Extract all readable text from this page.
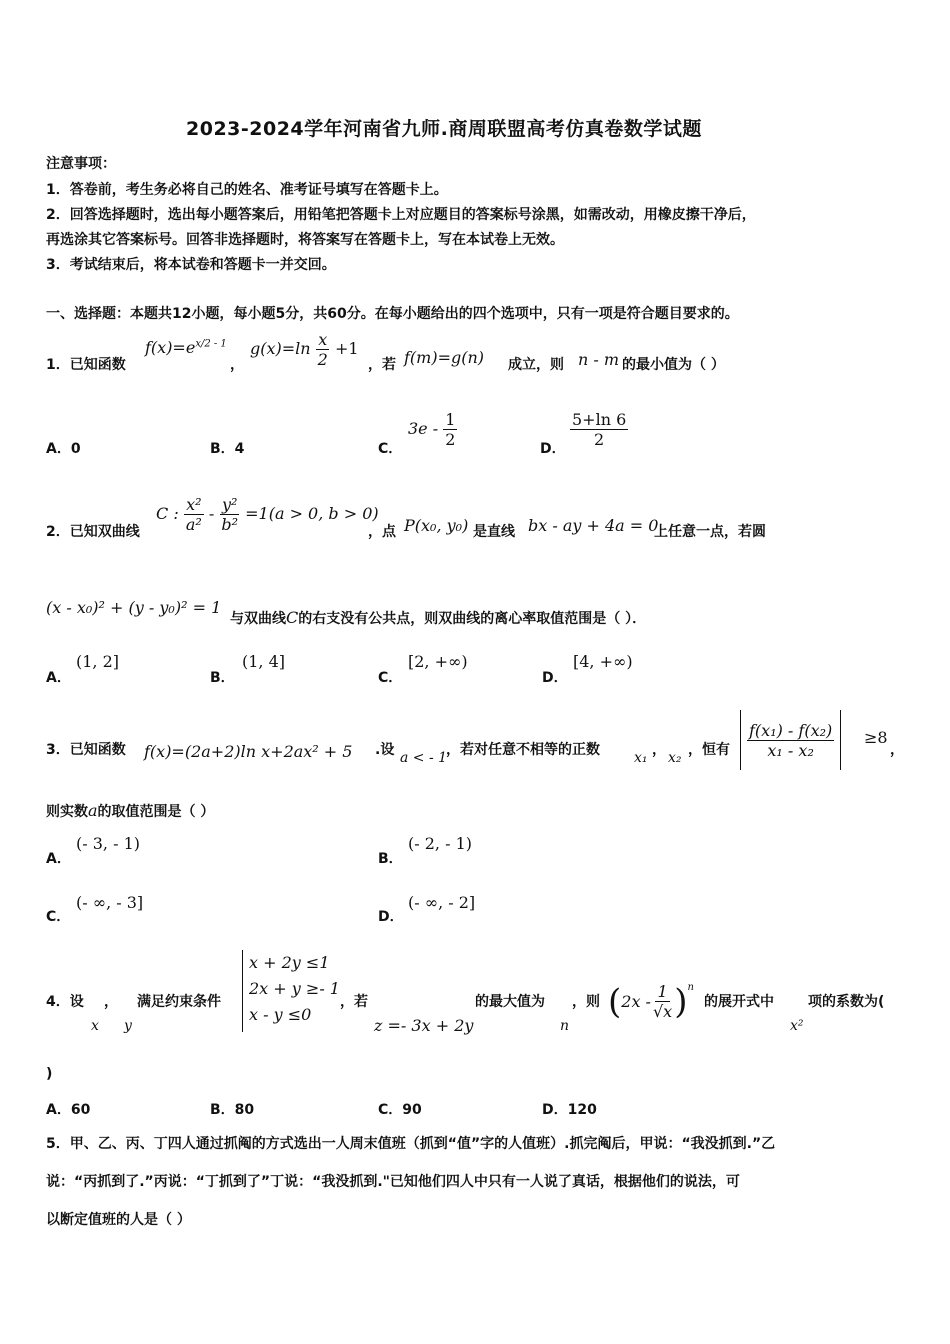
2023-2024学年河南省九师.商周联盟高考仿真卷数学试题
注意事项：
1．答卷前，考生务必将自己的姓名、准考证号填写在答题卡上。
2．回答选择题时，选出每小题答案后，用铅笔把答题卡上对应题目的答案标号涂黑，如需改动，用橡皮擦干净后，
再选涂其它答案标号。回答非选择题时，将答案写在答题卡上，写在本试卷上无效。
3．考试结束后，将本试卷和答题卡一并交回。
一、选择题：本题共12小题，每小题5分，共60分。在每小题给出的四个选项中，只有一项是符合题目要求的。
1．已知函数
$f(x)=e^{x/2 - 1}$
，
$g(x)=\ln \frac{x}{2} +1$
，若 f(m)=g(n) 成立，则 n - m 的最小值为（ ）
A．0	B．4	C．
$3e - \frac{1}{2}$	D． $\frac{5+\ln 6}{2}$
2．已知双曲线
C : $\frac{\text{x²}}{\text{a²}} - \frac{\text{y²}}{\text{b²}} =1(a > 0$, b > 0)
，点 P(x₀, y₀) 是直线 bx - ay + 4a = 0
上任意一点，若圆
(x - x₀)² + (y - y₀)² = 1
与双曲线C的右支没有公共点，则双曲线的离心率取值范围是（ ）．
A．
(1, 2]
B．
(1, 4]
C．
[2, +∞)
D．
[4, +∞)
3．已知函数 f(x)=(2a+2)ln x+2ax² + 5 .设 a < - 1
，若对任意不相等的正数 x₁ ， x₂ ，恒有 $\frac{\text{f(x₁) - f(x₂)}}{\text{x₁ - x₂}} \ge 8$
，
则实数a的取值范围是（ ）
A．
(- 3, - 1)
B．
(- 2, - 1)
C．
(- ∞, - 3]
D．
(- ∞, - 2]
4．设
x
，
y
满足约束条件
x + 2y ≤1
2x + y ≥- 1
x - y ≤0
，若
z =- 3x + 2y
的最大值为
n
，则 ( $2x - \frac{1}{√x} )^n$
的展开式中
x²
项的系数为(
)
A．60	B．80	C．90	D．120
5．甲、乙、丙、丁四人通过抓阄的方式选出一人周末值班（抓到“值”字的人值班）.抓完阄后，甲说：“我没抓到.”乙
说：“丙抓到了.”丙说：“丁抓到了”丁说：“我没抓到."已知他们四人中只有一人说了真话，根据他们的说法，可
以断定值班的人是（ ）
